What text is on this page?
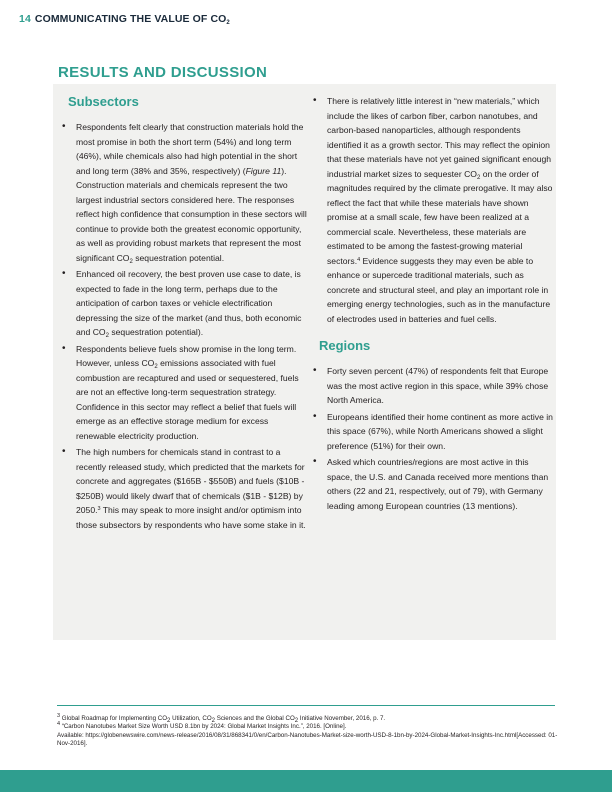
14 COMMUNICATING THE VALUE OF $CO_2$
RESULTS AND DISCUSSION
Subsectors
• Respondents felt clearly that construction materials hold the most promise in both the short term (54%) and long term (46%), while chemicals also had high potential in the short and long term (38% and 35%, respectively) (Figure 11). Construction materials and chemicals represent the two largest industrial sectors considered here. The responses reflect high confidence that consumption in these sectors will continue to provide both the greatest economic opportunity, as well as providing robust markets that represent the most significant $CO_2$ sequestration potential.
• Enhanced oil recovery, the best proven use case to date, is expected to fade in the long term, perhaps due to the anticipation of carbon taxes or vehicle electrification depressing the size of the market (and thus, both economic and $CO_2$ sequestration potential).
• Respondents believe fuels show promise in the long term. However, unless $CO_2$ emissions associated with fuel combustion are recaptured and used or sequestered, fuels are not an effective long-term sequestration strategy. Confidence in this sector may reflect a belief that fuels will emerge as an effective storage medium for excess renewable electricity production.
• The high numbers for chemicals stand in contrast to a recently released study, which predicted that the markets for concrete and aggregates ($165B - $550B) and fuels ($10B - $250B) would likely dwarf that of chemicals ($1B - $12B) by 2050.$^3$ This may speak to more insight and/or optimism into those subsectors by respondents who have some stake in it.
• There is relatively little interest in “new materials,” which include the likes of carbon fiber, carbon nanotubes, and carbon-based nanoparticles, although respondents identified it as a growth sector. This may reflect the opinion that these materials have not yet gained significant enough industrial market sizes to sequester $CO_2$ on the order of magnitudes required by the climate prerogative. It may also reflect the fact that while these materials have shown promise at a small scale, few have been realized at a commercial scale. Nevertheless, these materials are estimated to be among the fastest-growing material sectors.$^4$ Evidence suggests they may even be able to enhance or supercede traditional materials, such as concrete and structural steel, and play an important role in emerging energy technologies, such as in the manufacture of electrodes used in batteries and fuel cells.
Regions
• Forty seven percent (47%) of respondents felt that Europe was the most active region in this space, while 39% chose North America.
• Europeans identified their home continent as more active in this space (67%), while North Americans showed a slight preference (51%) for their own.
• Asked which countries/regions are most active in this space, the U.S. and Canada received more mentions than others (22 and 21, respectively, out of 79), with Germany leading among European countries (13 mentions).
$^3$ Global Roadmap for Implementing $CO_2$ Utilization, $CO_2$ Sciences and the Global $CO_2$ Initiative November, 2016, p. 7.
$^4$ “Carbon Nanotubes Market Size Worth USD 8.1bn by 2024: Global Market Insights Inc.”, 2016. [Online].
Available: https://globenewswire.com/news-release/2016/08/31/868341/0/en/Carbon-Nanotubes-Market-size-worth-USD-8-1bn-by-2024-Global-Market-Insights-Inc.html[Accessed: 01-Nov-2016].
